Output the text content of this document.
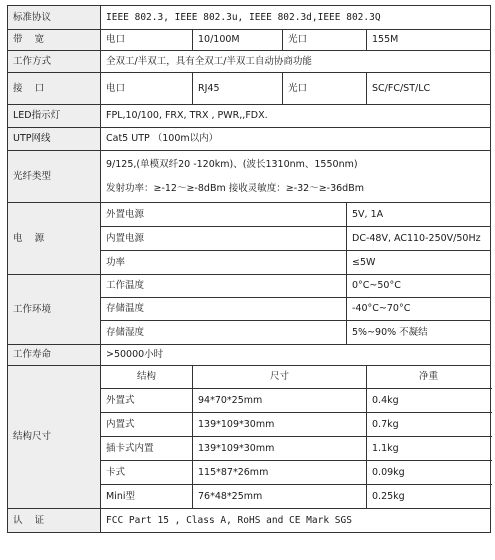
标准协议	IEEE 802.3, IEEE 802.3u, IEEE 802.3d,IEEE 802.3Q				
带    宽	电口	10/100M	光口		155M
工作方式	全双工/半双工，具有全双工/半双工自动协商功能				
接    口	电口	RJ45	光口		SC/FC/ST/LC
LED指示灯	FPL,10/100, FRX, TRX , PWR,,FDX.				
UTP网线	Cat5 UTP （100m以内）				
光纤类型	9/125,(单模双纤20 -120km)、(波长1310nm、1550nm)
发射功率：≥-12～≥-8dBm 接收灵敏度：≥-32～≥-36dBm				

电    源	外置电源			5V, 1A	
	内置电源			DC-48V, AC110-250V/50Hz	
	功率			≤5W	
工作环境	工作温度			0°C~50°C	
	存储温度			-40°C~70°C	
	存储湿度			5%~90% 不凝结	
工作寿命	>50000小时				
结构尺寸	结构	尺寸			净重
	外置式	94*70*25mm			0.4kg
	内置式	139*109*30mm			0.7kg
	插卡式内置	139*109*30mm			1.1kg
	卡式	115*87*26mm			0.09kg
	Mini型	76*48*25mm			0.25kg
认    证	FCC Part 15 , Class A, RoHS and CE Mark SGS				
